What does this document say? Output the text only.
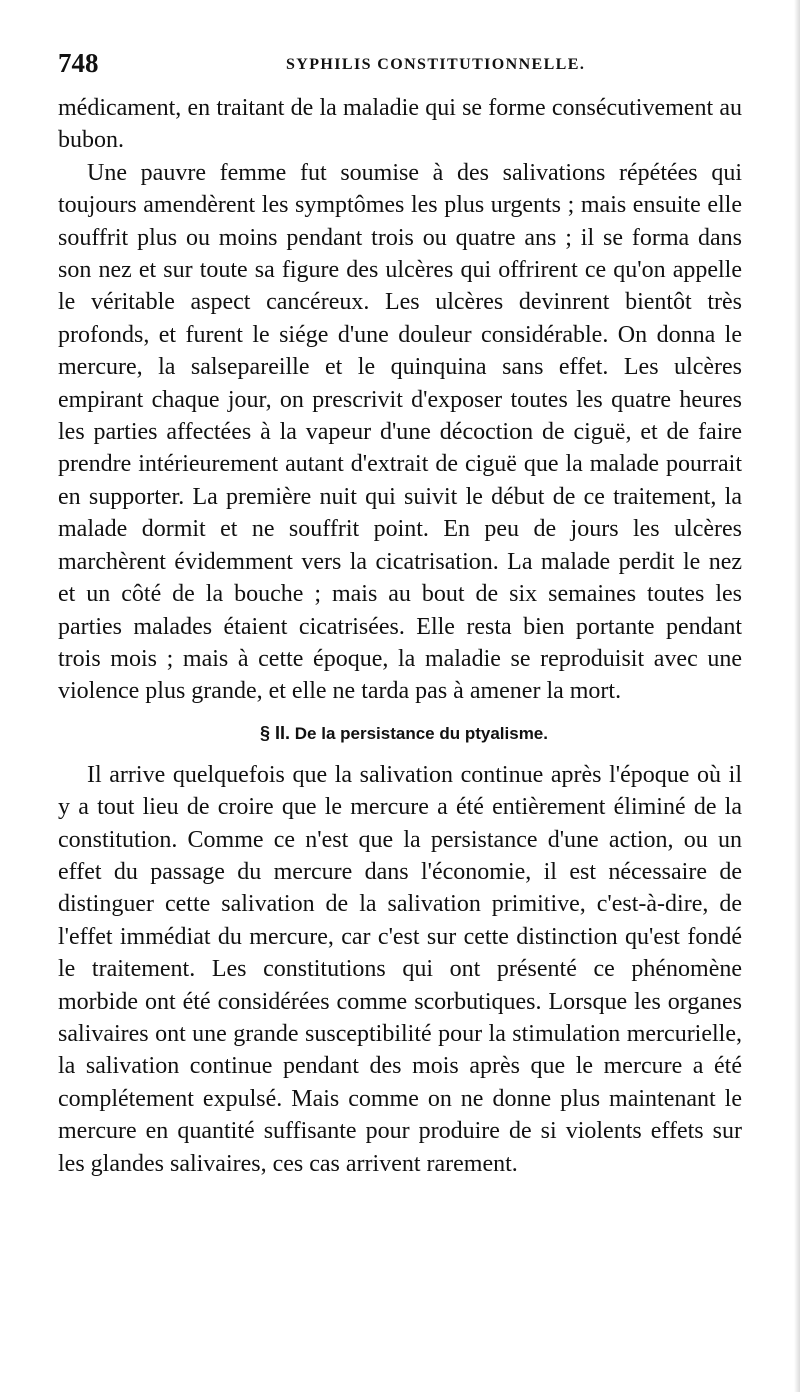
748	SYPHILIS CONSTITUTIONNELLE.

médicament, en traitant de la maladie qui se forme consécutivement au bubon.

Une pauvre femme fut soumise à des salivations répétées qui toujours amendèrent les symptômes les plus urgents ; mais ensuite elle souffrit plus ou moins pendant trois ou quatre ans ; il se forma dans son nez et sur toute sa figure des ulcères qui offrirent ce qu'on appelle le véritable aspect cancéreux. Les ulcères devinrent bientôt très profonds, et furent le siége d'une douleur considérable. On donna le mercure, la salsepareille et le quinquina sans effet. Les ulcères empirant chaque jour, on prescrivit d'exposer toutes les quatre heures les parties affectées à la vapeur d'une décoction de ciguë, et de faire prendre intérieurement autant d'extrait de ciguë que la malade pourrait en supporter. La première nuit qui suivit le début de ce traitement, la malade dormit et ne souffrit point. En peu de jours les ulcères marchèrent évidemment vers la cicatrisation. La malade perdit le nez et un côté de la bouche ; mais au bout de six semaines toutes les parties malades étaient cicatrisées. Elle resta bien portante pendant trois mois ; mais à cette époque, la maladie se reproduisit avec une violence plus grande, et elle ne tarda pas à amener la mort.

§ II. De la persistance du ptyalisme.

Il arrive quelquefois que la salivation continue après l'époque où il y a tout lieu de croire que le mercure a été entièrement éliminé de la constitution. Comme ce n'est que la persistance d'une action, ou un effet du passage du mercure dans l'économie, il est nécessaire de distinguer cette salivation de la salivation primitive, c'est-à-dire, de l'effet immédiat du mercure, car c'est sur cette distinction qu'est fondé le traitement. Les constitutions qui ont présenté ce phénomène morbide ont été considérées comme scorbutiques. Lorsque les organes salivaires ont une grande susceptibilité pour la stimulation mercurielle, la salivation continue pendant des mois après que le mercure a été complétement expulsé. Mais comme on ne donne plus maintenant le mercure en quantité suffisante pour produire de si violents effets sur les glandes salivaires, ces cas arrivent rarement.
